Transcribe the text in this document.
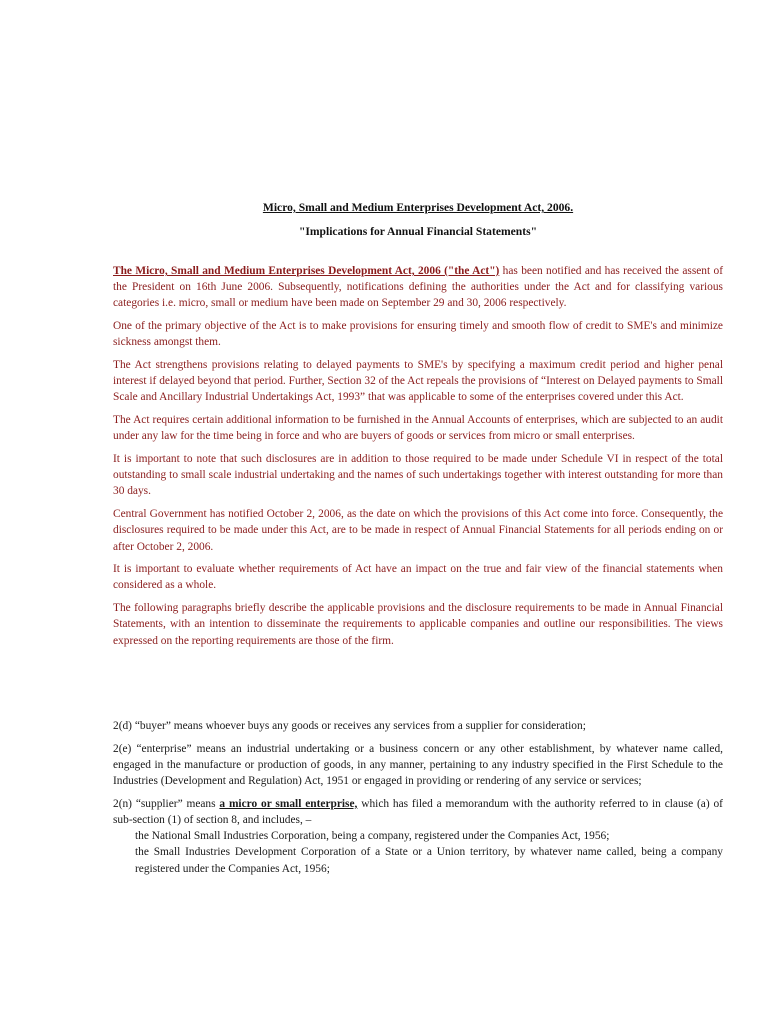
Micro, Small and Medium Enterprises Development Act, 2006.
"Implications for Annual Financial Statements"

The Micro, Small and Medium Enterprises Development Act, 2006 ("the Act") has been notified and has received the assent of the President on 16th June 2006. Subsequently, notifications defining the authorities under the Act and for classifying various categories i.e. micro, small or medium have been made on September 29 and 30, 2006 respectively.

One of the primary objective of the Act is to make provisions for ensuring timely and smooth flow of credit to SME's and minimize sickness amongst them.

The Act strengthens provisions relating to delayed payments to SME's by specifying a maximum credit period and higher penal interest if delayed beyond that period. Further, Section 32 of the Act repeals the provisions of “Interest on Delayed payments to Small Scale and Ancillary Industrial Undertakings Act, 1993” that was applicable to some of the enterprises covered under this Act.

The Act requires certain additional information to be furnished in the Annual Accounts of enterprises, which are subjected to an audit under any law for the time being in force and who are buyers of goods or services from micro or small enterprises.

It is important to note that such disclosures are in addition to those required to be made under Schedule VI in respect of the total outstanding to small scale industrial undertaking and the names of such undertakings together with interest outstanding for more than 30 days.

Central Government has notified October 2, 2006, as the date on which the provisions of this Act come into force. Consequently, the disclosures required to be made under this Act, are to be made in respect of Annual Financial Statements for all periods ending on or after October 2, 2006.

It is important to evaluate whether requirements of Act have an impact on the true and fair view of the financial statements when considered as a whole.

The following paragraphs briefly describe the applicable provisions and the disclosure requirements to be made in Annual Financial Statements, with an intention to disseminate the requirements to applicable companies and outline our responsibilities. The views expressed on the reporting requirements are those of the firm.

2(d) “buyer” means whoever buys any goods or receives any services from a supplier for consideration;

2(e) “enterprise” means an industrial undertaking or a business concern or any other establishment, by whatever name called, engaged in the manufacture or production of goods, in any manner, pertaining to any industry specified in the First Schedule to the Industries (Development and Regulation) Act, 1951 or engaged in providing or rendering of any service or services;

2(n) “supplier” means a micro or small enterprise, which has filed a memorandum with the authority referred to in clause (a) of sub-section (1) of section 8, and includes, –

the National Small Industries Corporation, being a company, registered under the Companies Act, 1956;
the Small Industries Development Corporation of a State or a Union territory, by whatever name called, being a company registered under the Companies Act, 1956;
